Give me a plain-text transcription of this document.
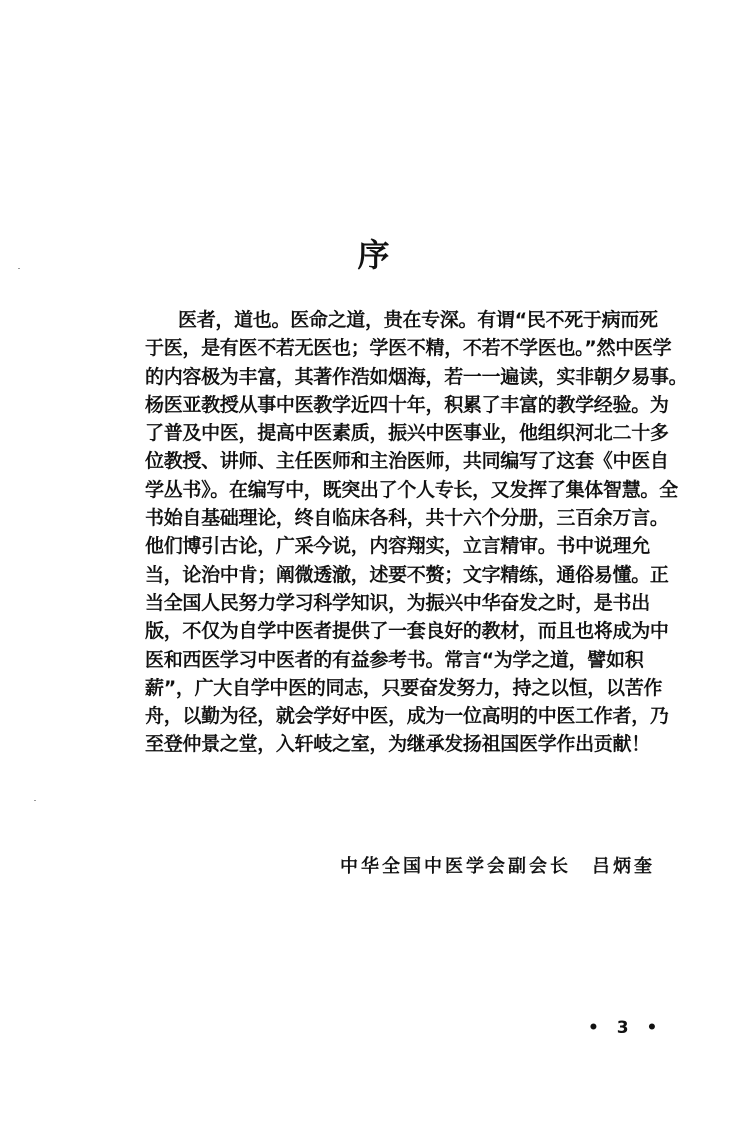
序
医者，道也。医命之道，贵在专深。有谓“民不死于病而死
于医，是有医不若无医也；学医不精，不若不学医也。”然中医学
的内容极为丰富，其著作浩如烟海，若一一遍读，实非朝夕易事。
杨医亚教授从事中医教学近四十年，积累了丰富的教学经验。为
了普及中医，提高中医素质，振兴中医事业，他组织河北二十多
位教授、讲师、主任医师和主治医师，共同编写了这套《中医自
学丛书》。在编写中，既突出了个人专长，又发挥了集体智慧。全
书始自基础理论，终自临床各科，共十六个分册，三百余万言。
他们博引古论，广采今说，内容翔实，立言精审。书中说理允
当，论治中肯；阐微透澈，述要不赘；文字精练，通俗易懂。正
当全国人民努力学习科学知识，为振兴中华奋发之时，是书出
版，不仅为自学中医者提供了一套良好的教材，而且也将成为中
医和西医学习中医者的有益参考书。常言“为学之道，譬如积
薪”，广大自学中医的同志，只要奋发努力，持之以恒，以苦作
舟，以勤为径，就会学好中医，成为一位高明的中医工作者，乃
至登仲景之堂，入轩岐之室，为继承发扬祖国医学作出贡献！
中华全国中医学会副会长　吕炳奎
• 3 •
